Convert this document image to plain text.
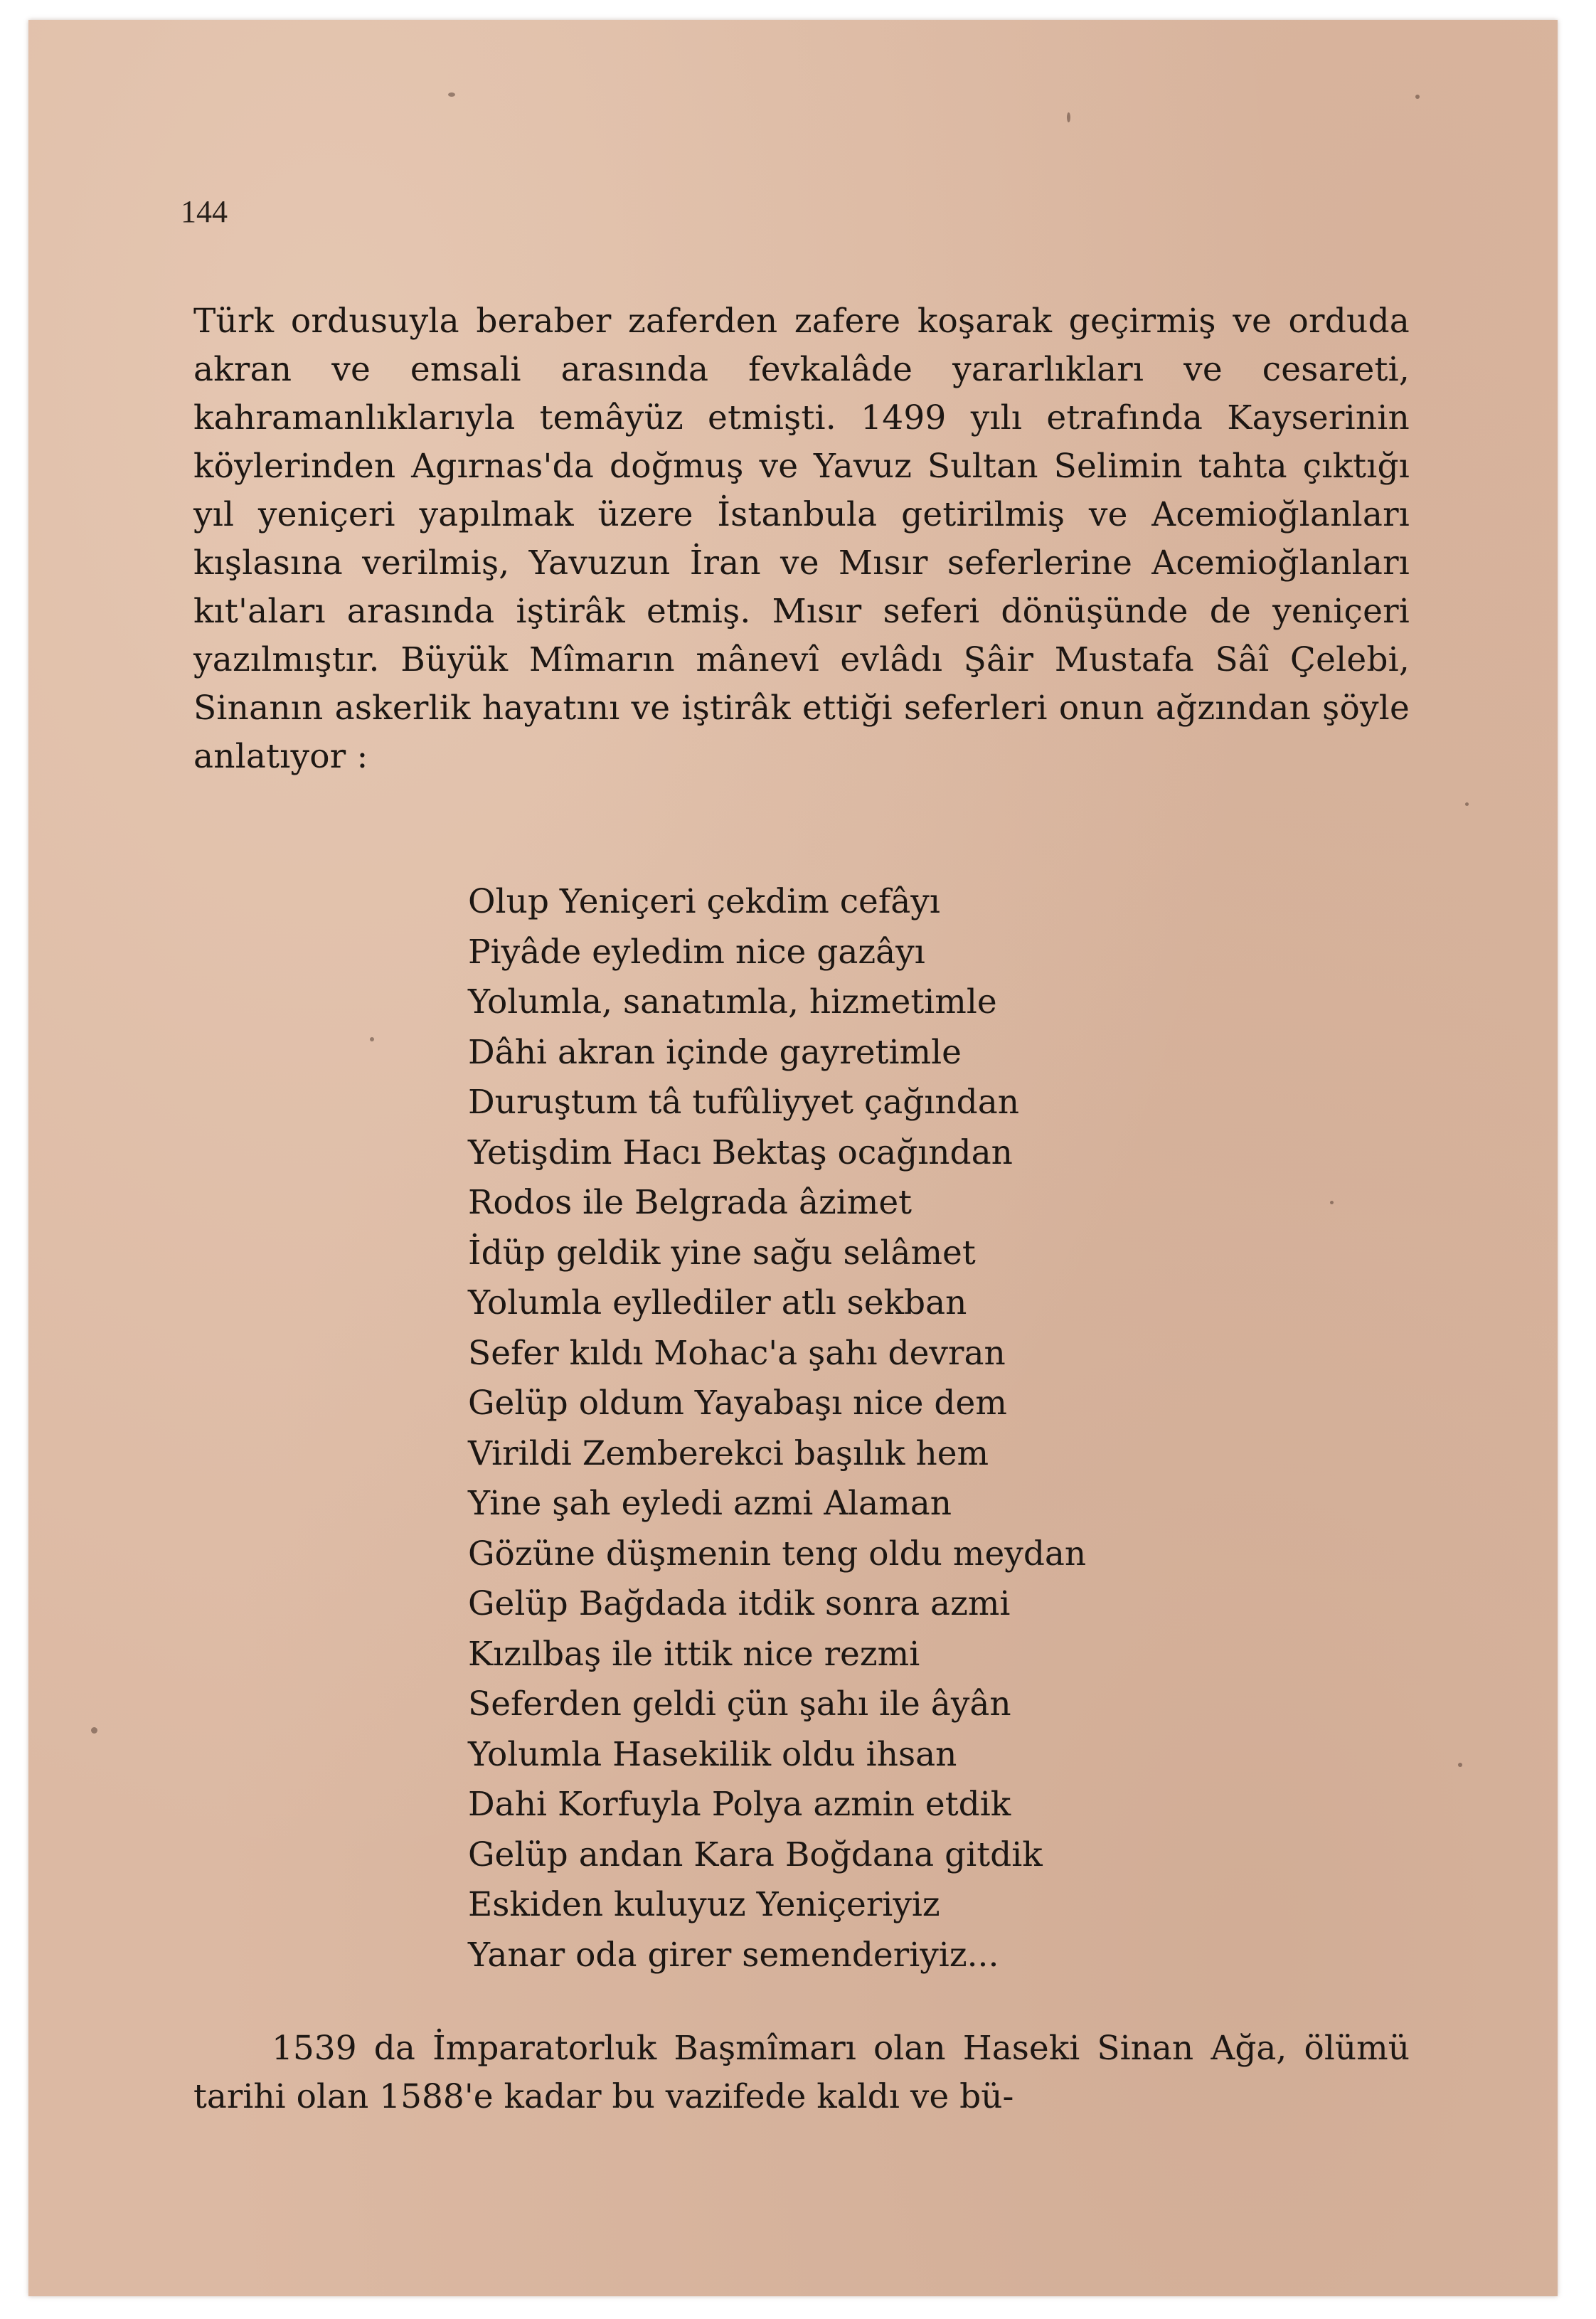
144

Türk ordusuyla beraber zaferden zafere koşarak geçirmiş ve orduda akran ve emsali arasında fevkalâde yararlıkları ve cesareti, kahramanlıklarıyla temâyüz etmişti. 1499 yılı etrafında Kayserinin köylerinden Agırnas'da doğmuş ve Yavuz Sultan Selimin tahta çıktığı yıl yeniçeri yapılmak üzere İstanbula getirilmiş ve Acemioğlanları kışlasına verilmiş, Yavuzun İran ve Mısır seferlerine Acemioğlanları kıt'aları arasında iştirâk etmiş. Mısır seferi dönüşünde de yeniçeri yazılmıştır. Büyük Mîmarın mânevî evlâdı Şâir Mustafa Sâî Çelebi, Sinanın askerlik hayatını ve iştirâk ettiği seferleri onun ağzından şöyle anlatıyor :

Olup Yeniçeri çekdim cefâyı
Piyâde eyledim nice gazâyı
Yolumla, sanatımla, hizmetimle
Dâhi akran içinde gayretimle
Duruştum tâ tufûliyyet çağından
Yetişdim Hacı Bektaş ocağından
Rodos ile Belgrada âzimet
İdüp geldik yine sağu selâmet
Yolumla eyllediler atlı sekban
Sefer kıldı Mohac'a şahı devran
Gelüp oldum Yayabaşı nice dem
Virildi Zemberekci başılık hem
Yine şah eyledi azmi Alaman
Gözüne düşmenin teng oldu meydan
Gelüp Bağdada itdik sonra azmi
Kızılbaş ile ittik nice rezmi
Seferden geldi çün şahı ile âyân
Yolumla Hasekilik oldu ihsan
Dahi Korfuyla Polya azmin etdik
Gelüp andan Kara Boğdana gitdik
Eskiden kuluyuz Yeniçeriyiz
Yanar oda girer semenderiyiz...

1539 da İmparatorluk Başmîmarı olan Haseki Sinan Ağa, ölümü tarihi olan 1588'e kadar bu vazifede kaldı ve bü-
